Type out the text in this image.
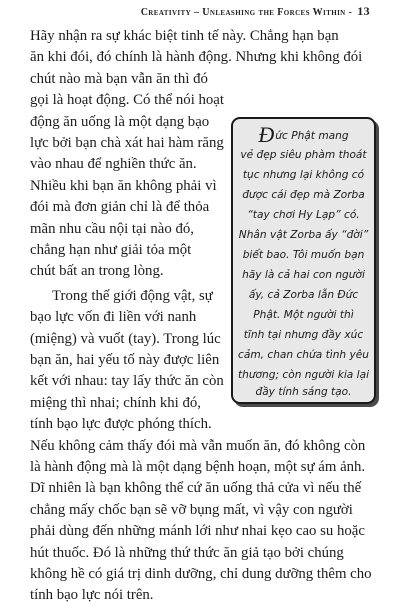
Creativity – Unleashing the Forces Within - 13
Hãy nhận ra sự khác biệt tinh tế này. Chẳng hạn bạn
ăn khi đói, đó chính là hành động. Nhưng khi không đói
chút nào mà bạn vẫn ăn thì đó
gọi là hoạt động. Có thể nói hoạt
động ăn uống là một dạng bạo
lực bởi bạn chà xát hai hàm răng
vào nhau để nghiền thức ăn.
Nhiều khi bạn ăn không phải vì
đói mà đơn giản chỉ là để thỏa
mãn nhu cầu nội tại nào đó,
chẳng hạn như giải tỏa một
chút bất an trong lòng.
Trong thế giới động vật, sự
bạo lực vốn đi liền với nanh
(miệng) và vuốt (tay). Trong lúc
bạn ăn, hai yếu tố này được liên
kết với nhau: tay lấy thức ăn còn
miệng thì nhai; chính khi đó,
tính bạo lực được phóng thích.
Nếu không cảm thấy đói mà vẫn muốn ăn, đó không còn
là hành động mà là một dạng bệnh hoạn, một sự ám ảnh.
Dĩ nhiên là bạn không thể cứ ăn uống thả cửa vì nếu thế
chẳng mấy chốc bạn sẽ vỡ bụng mất, vì vậy con người
phải dùng đến những mánh lới như nhai kẹo cao su hoặc
hút thuốc. Đó là những thứ thức ăn giả tạo bởi chúng
không hề có giá trị dinh dưỡng, chỉ dung dưỡng thêm cho
tính bạo lực nói trên.
Đức Phật mang
vẻ đẹp siêu phàm thoát
tục nhưng lại không có
được cái đẹp mà Zorba
“tay chơi Hy Lạp” có.
Nhân vật Zorba ấy “đời”
biết bao. Tôi muốn bạn
hãy là cả hai con người
ấy, cả Zorba lẫn Đức
Phật. Một người thì
tĩnh tại nhưng đầy xúc
cảm, chan chứa tình yêu
thương; còn người kia lại
đầy tính sáng tạo.
